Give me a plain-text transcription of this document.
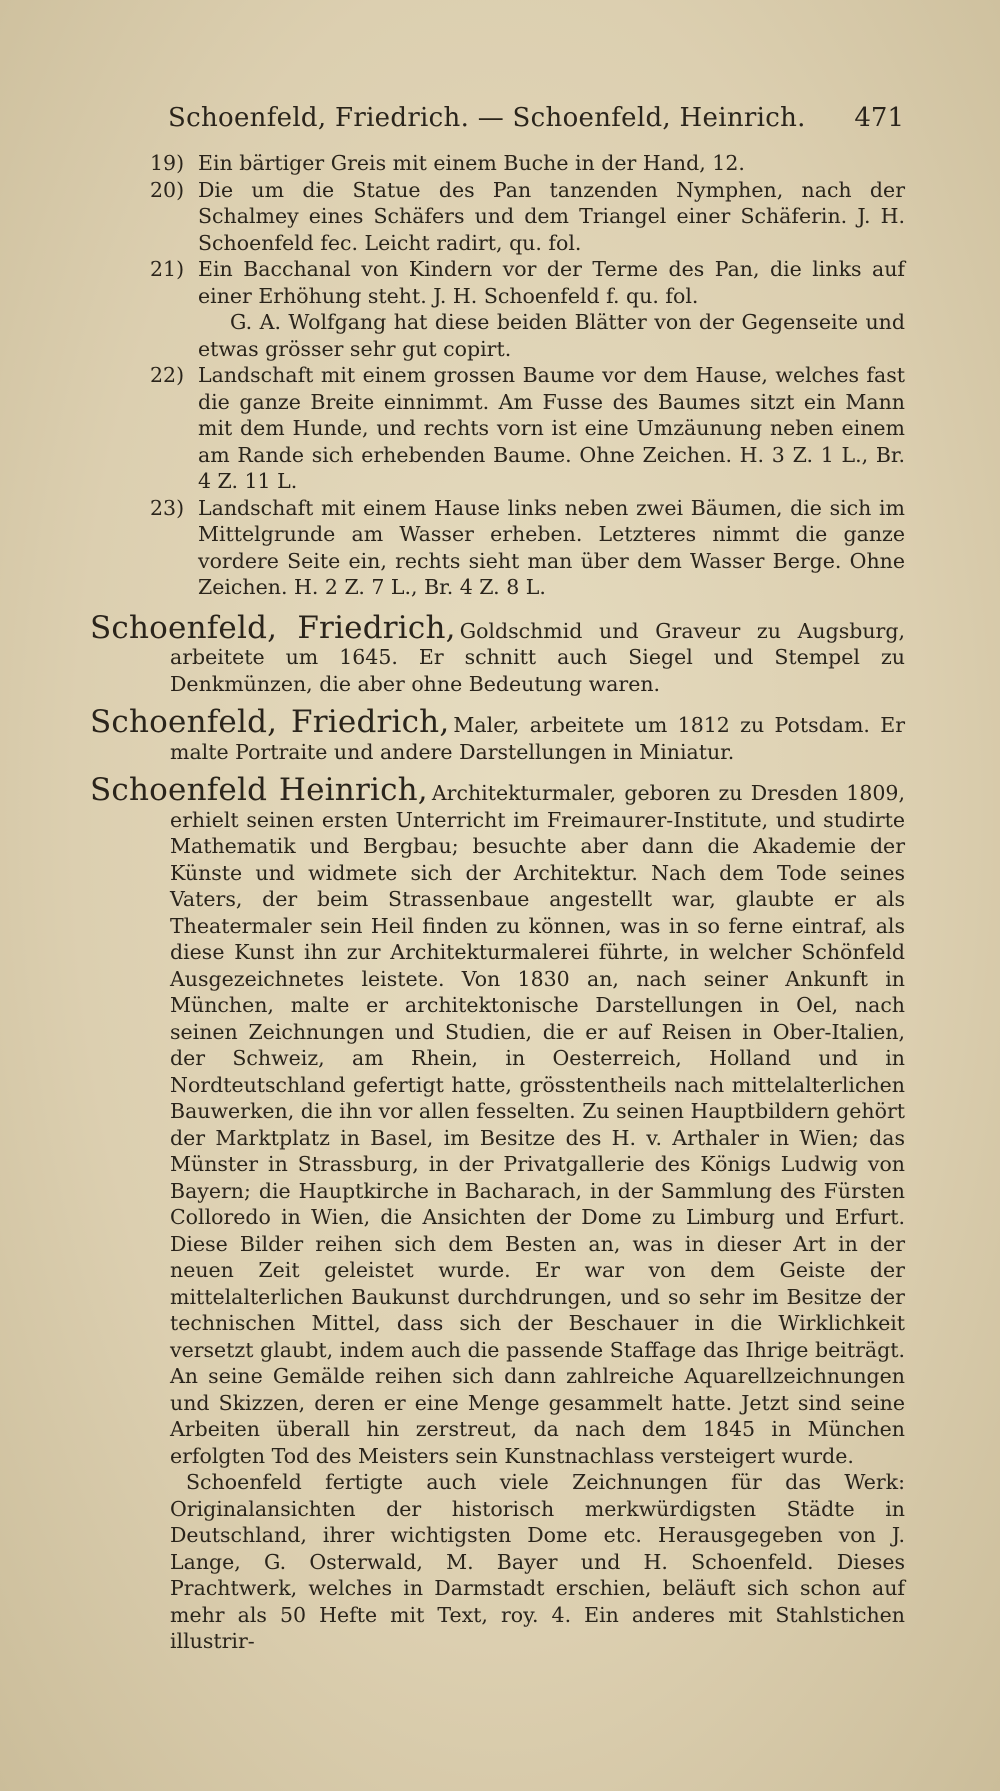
Schoenfeld, Friedrich. — Schoenfeld, Heinrich. 471
19) Ein bärtiger Greis mit einem Buche in der Hand, 12.
20) Die um die Statue des Pan tanzenden Nymphen, nach der Schalmey eines Schäfers und dem Triangel einer Schäferin. J. H. Schoenfeld fec. Leicht radirt, qu. fol.
21) Ein Bacchanal von Kindern vor der Terme des Pan, die links auf einer Erhöhung steht. J. H. Schoenfeld f. qu. fol.
G. A. Wolfgang hat diese beiden Blätter von der Gegenseite und etwas grösser sehr gut copirt.
22) Landschaft mit einem grossen Baume vor dem Hause, welches fast die ganze Breite einnimmt. Am Fusse des Baumes sitzt ein Mann mit dem Hunde, und rechts vorn ist eine Umzäunung neben einem am Rande sich erhebenden Baume. Ohne Zeichen. H. 3 Z. 1 L., Br. 4 Z. 11 L.
23) Landschaft mit einem Hause links neben zwei Bäumen, die sich im Mittelgrunde am Wasser erheben. Letzteres nimmt die ganze vordere Seite ein, rechts sieht man über dem Wasser Berge. Ohne Zeichen. H. 2 Z. 7 L., Br. 4 Z. 8 L.
Schoenfeld, Friedrich, Goldschmid und Graveur zu Augsburg, arbeitete um 1645. Er schnitt auch Siegel und Stempel zu Denkmünzen, die aber ohne Bedeutung waren.
Schoenfeld, Friedrich, Maler, arbeitete um 1812 zu Potsdam. Er malte Portraite und andere Darstellungen in Miniatur.
Schoenfeld Heinrich, Architekturmaler, geboren zu Dresden 1809, erhielt seinen ersten Unterricht im Freimaurer-Institute, und studirte Mathematik und Bergbau; besuchte aber dann die Akademie der Künste und widmete sich der Architektur. Nach dem Tode seines Vaters, der beim Strassenbaue angestellt war, glaubte er als Theatermaler sein Heil finden zu können, was in so ferne eintraf, als diese Kunst ihn zur Architekturmalerei führte, in welcher Schönfeld Ausgezeichnetes leistete. Von 1830 an, nach seiner Ankunft in München, malte er architektonische Darstellungen in Oel, nach seinen Zeichnungen und Studien, die er auf Reisen in Ober-Italien, der Schweiz, am Rhein, in Oesterreich, Holland und in Nordteutschland gefertigt hatte, grösstentheils nach mittelalterlichen Bauwerken, die ihn vor allen fesselten. Zu seinen Hauptbildern gehört der Marktplatz in Basel, im Besitze des H. v. Arthaler in Wien; das Münster in Strassburg, in der Privatgallerie des Königs Ludwig von Bayern; die Hauptkirche in Bacharach, in der Sammlung des Fürsten Colloredo in Wien, die Ansichten der Dome zu Limburg und Erfurt. Diese Bilder reihen sich dem Besten an, was in dieser Art in der neuen Zeit geleistet wurde. Er war von dem Geiste der mittelalterlichen Baukunst durchdrungen, und so sehr im Besitze der technischen Mittel, dass sich der Beschauer in die Wirklichkeit versetzt glaubt, indem auch die passende Staffage das Ihrige beiträgt. An seine Gemälde reihen sich dann zahlreiche Aquarellzeichnungen und Skizzen, deren er eine Menge gesammelt hatte. Jetzt sind seine Arbeiten überall hin zerstreut, da nach dem 1845 in München erfolgten Tod des Meisters sein Kunstnachlass versteigert wurde.
Schoenfeld fertigte auch viele Zeichnungen für das Werk: Originalansichten der historisch merkwürdigsten Städte in Deutschland, ihrer wichtigsten Dome etc. Herausgegeben von J. Lange, G. Osterwald, M. Bayer und H. Schoenfeld. Dieses Prachtwerk, welches in Darmstadt erschien, beläuft sich schon auf mehr als 50 Hefte mit Text, roy. 4. Ein anderes mit Stahlstichen illustrir-
